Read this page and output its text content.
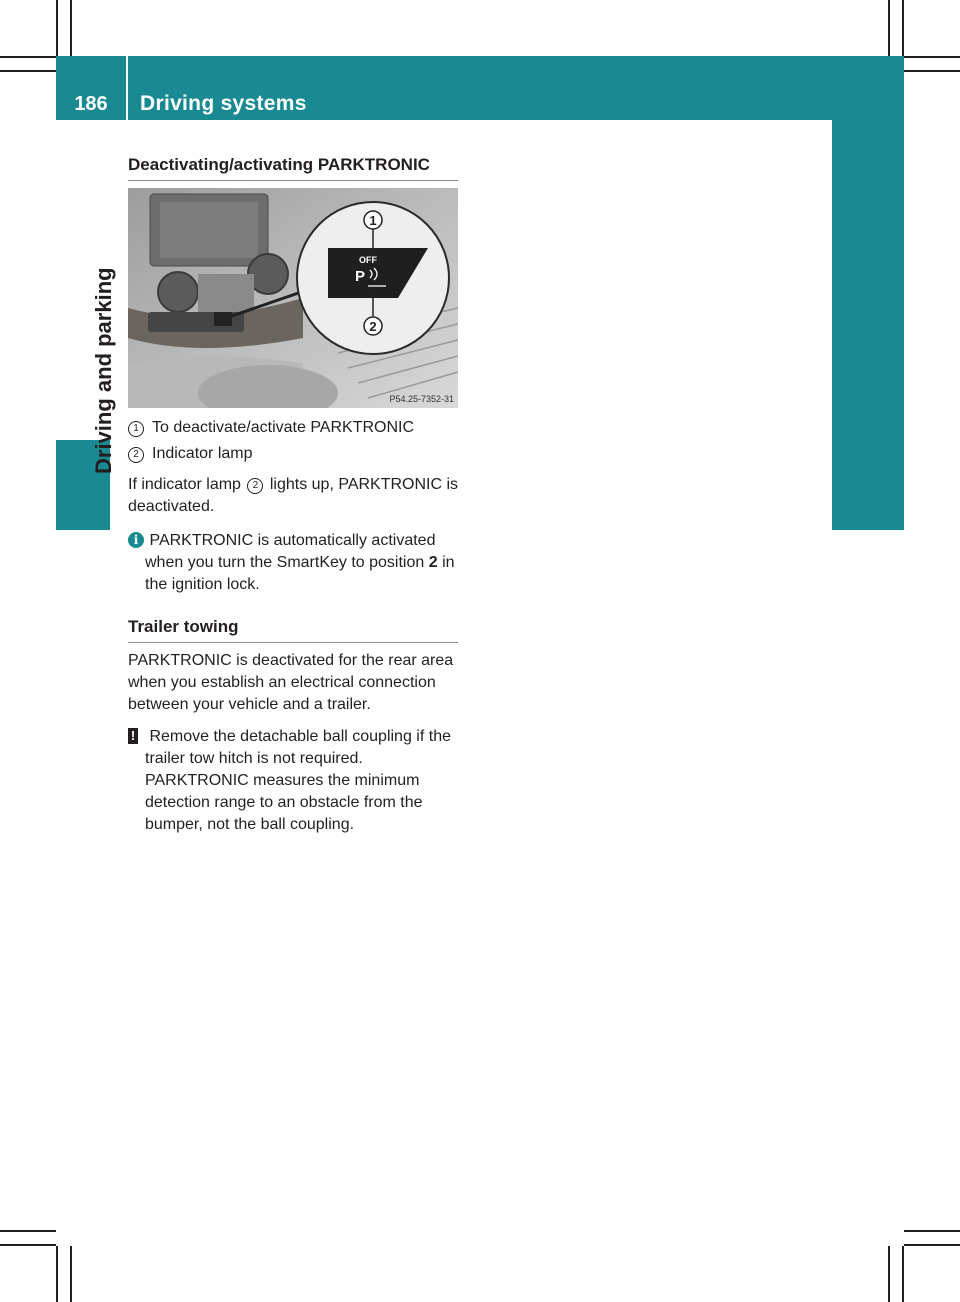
186	Driving systems
Driving and parking
Deactivating/activating PARKTRONIC
1
2
OFF
P
P54.25-7352-31
1 To deactivate/activate PARKTRONIC
2 Indicator lamp

If indicator lamp 2 lights up, PARKTRONIC is deactivated.

i PARKTRONIC is automatically activated when you turn the SmartKey to position 2 in the ignition lock.
Trailer towing

PARKTRONIC is deactivated for the rear area when you establish an electrical connection between your vehicle and a trailer.

! Remove the detachable ball coupling if the trailer tow hitch is not required. PARKTRONIC measures the minimum detection range to an obstacle from the bumper, not the ball coupling.
